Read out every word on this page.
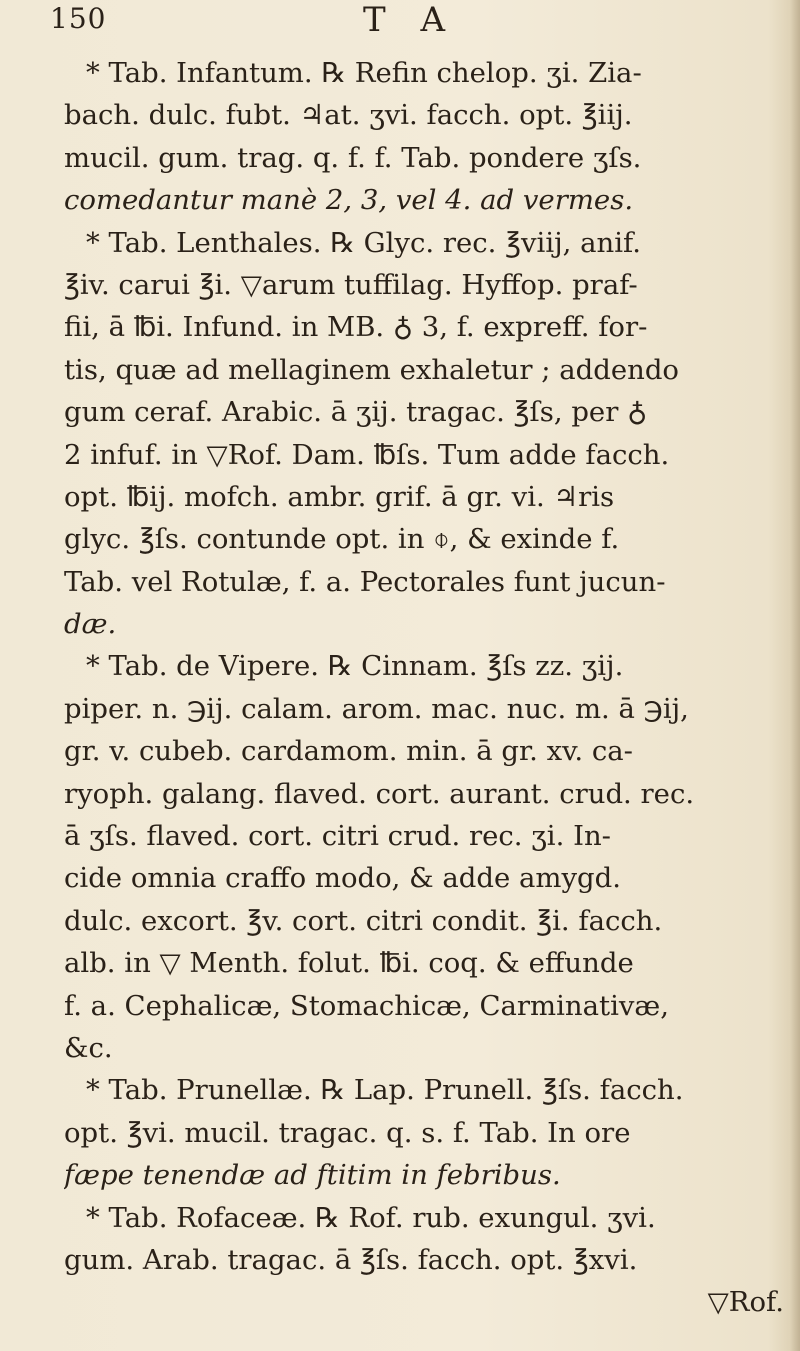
150	T A
* Tab. Infantum. ℞ Refin chelop. ʒi. Zia-
bach. dulc. fubt. ♃at. ʒvi. facch. opt. ℥iij.
mucil. gum. trag. q. f. f. Tab. pondere ʒſs.
comedantur manè 2, 3, vel 4. ad vermes.
* Tab. Lenthales. ℞ Glyc. rec. ℥viij, anif.
℥iv. carui ℥i. ▽arum tuffilag. Hyffop. praf-
fii, ā ℔i. Infund. in MB. ♁ 3, f. expreff. for-
tis, quæ ad mellaginem exhaletur ; addendo
gum ceraf. Arabic. ā ʒij. tragac. ℥ſs, per ♁
2 infuf. in ▽Rof. Dam. ℔ſs. Tum adde facch.
opt. ℔ij. mofch. ambr. grif. ā gr. vi. ♃ris
glyc. ℥ſs. contunde opt. in ⌽, & exinde f.
Tab. vel Rotulæ, f. a. Pectorales funt jucun-
dæ.
* Tab. de Vipere. ℞ Cinnam. ℥ſs zz. ʒij.
piper. n. ℈ij. calam. arom. mac. nuc. m. ā ℈ij,
gr. v. cubeb. cardamom. min. ā gr. xv. ca-
ryoph. galang. flaved. cort. aurant. crud. rec.
ā ʒſs. flaved. cort. citri crud. rec. ʒi. In-
cide omnia craffo modo, & adde amygd.
dulc. excort. ℥v. cort. citri condit. ℥i. facch.
alb. in ▽ Menth. folut. ℔i. coq. & effunde
f. a. Cephalicæ, Stomachicæ, Carminativæ,
&c.
* Tab. Prunellæ. ℞ Lap. Prunell. ℥ſs. facch.
opt. ℥vi. mucil. tragac. q. s. f. Tab. In ore
fæpe tenendæ ad ftitim in febribus.
* Tab. Rofaceæ. ℞ Rof. rub. exungul. ʒvi.
gum. Arab. tragac. ā ℥ſs. facch. opt. ℥xvi.
▽Rof.
